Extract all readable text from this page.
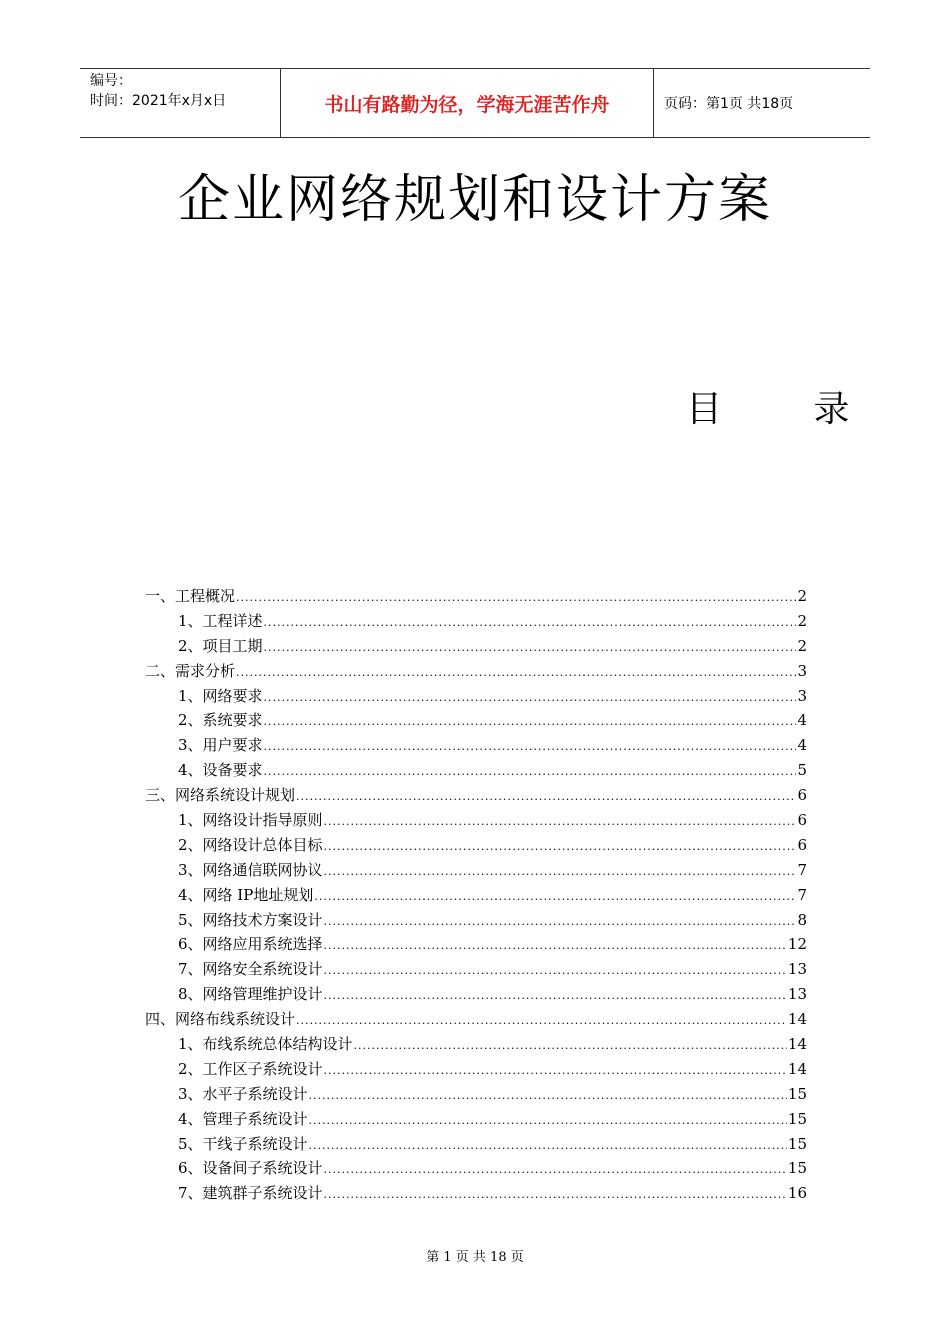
编号：
时间：2021年x月x日	书山有路勤为径，学海无涯苦作舟	页码：第1页 共18页
企业网络规划和设计方案
目 录
一、工程概况 .....	2
1、工程详述 .....	2
2、项目工期 .....	2
二、需求分析 .....	3
1、网络要求 .....	3
2、系统要求 .....	4
3、用户要求 .....	4
4、设备要求 .....	5
三、网络系统设计规划 .....	6
1、网络设计指导原则 .....	6
2、网络设计总体目标 .....	6
3、网络通信联网协议 .....	7
4、网络 IP地址规划 .....	7
5、网络技术方案设计 .....	8
6、网络应用系统选择 .....	12
7、网络安全系统设计 .....	13
8、网络管理维护设计 .....	13
四、网络布线系统设计 .....	14
1、布线系统总体结构设计 .....	14
2、工作区子系统设计 .....	14
3、水平子系统设计 .....	15
4、管理子系统设计 .....	15
5、干线子系统设计 .....	15
6、设备间子系统设计 .....	15
7、建筑群子系统设计 .....	16
第 1 页 共 18 页
